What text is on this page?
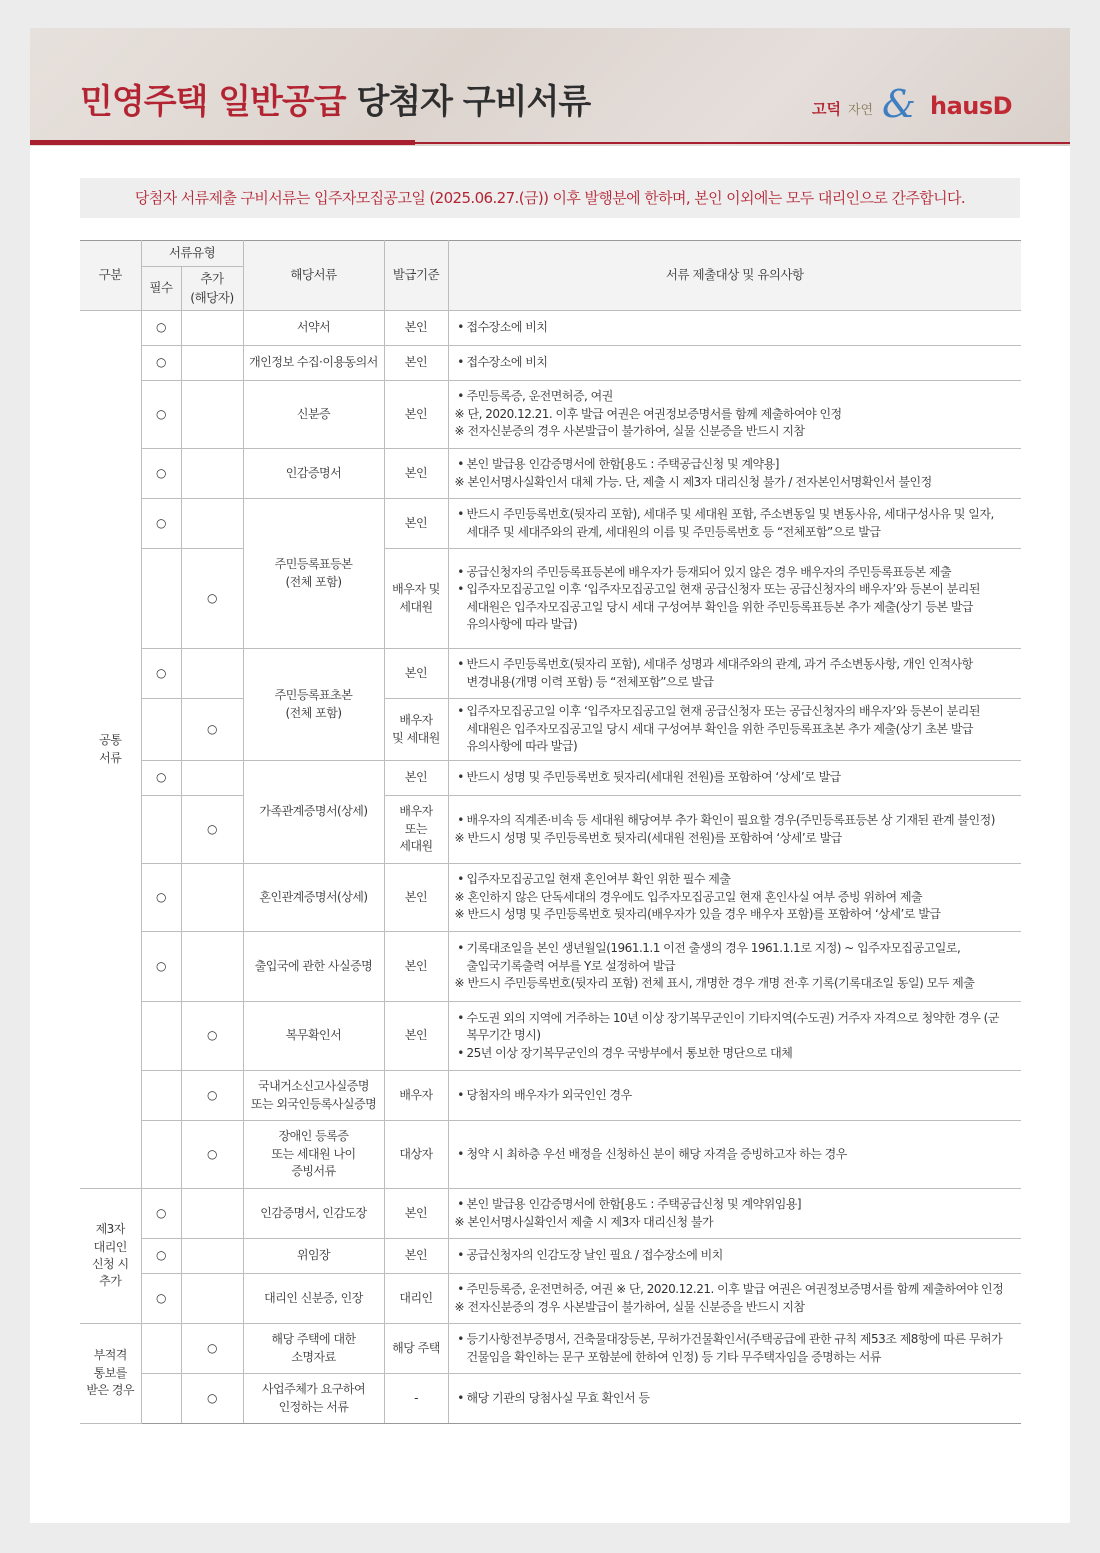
민영주택 일반공급 당첨자 구비서류	고덕 자연 & hausD
당첨자 서류제출 구비서류는 입주자모집공고일 (2025.06.27.(금)) 이후 발행분에 한하며, 본인 이외에는 모두 대리인으로 간주합니다.
구분	서류유형		해당서류	발급기준	서류 제출대상 및 유의사항
	필수	추가
(해당자)			

공통
서류	○		서약서	본인	• 접수장소에 비치

	○		개인정보 수집·이용동의서	본인	• 접수장소에 비치

	○		신분증	본인	• 주민등록증, 운전면허증, 여권
※ 단, 2020.12.21. 이후 발급 여권은 여권정보증명서를 함께 제출하여야 인정
※ 전자신분증의 경우 사본발급이 불가하여, 실물 신분증을 반드시 지참

	○		인감증명서	본인	• 본인 발급용 인감증명서에 한함[용도 : 주택공급신청 및 계약용]
※ 본인서명사실확인서 대체 가능. 단, 제출 시 제3자 대리신청 불가 / 전자본인서명확인서 불인정

	○		주민등록표등본
(전체 포함)	본인	• 반드시 주민등록번호(뒷자리 포함), 세대주 및 세대원 포함, 주소변동일 및 변동사유, 세대구성사유 및 일자, 세대주 및 세대주와의 관계, 세대원의 이름 및 주민등록번호 등 “전체포함”으로 발급

		○		배우자 및
세대원	• 공급신청자의 주민등록표등본에 배우자가 등재되어 있지 않은 경우 배우자의 주민등록표등본 제출
• 입주자모집공고일 이후 ‘입주자모집공고일 현재 공급신청자 또는 공급신청자의 배우자’와 등본이 분리된 세대원은 입주자모집공고일 당시 세대 구성여부 확인을 위한 주민등록표등본 추가 제출(상기 등본 발급 유의사항에 따라 발급)

	○		주민등록표초본
(전체 포함)	본인	• 반드시 주민등록번호(뒷자리 포함), 세대주 성명과 세대주와의 관계, 과거 주소변동사항, 개인 인적사항 변경내용(개명 이력 포함) 등 “전체포함”으로 발급

		○		배우자
및 세대원	• 입주자모집공고일 이후 ‘입주자모집공고일 현재 공급신청자 또는 공급신청자의 배우자’와 등본이 분리된 세대원은 입주자모집공고일 당시 세대 구성여부 확인을 위한 주민등록표초본 추가 제출(상기 초본 발급 유의사항에 따라 발급)

	○		가족관계증명서(상세)	본인	• 반드시 성명 및 주민등록번호 뒷자리(세대원 전원)를 포함하여 ‘상세’로 발급

		○		배우자
또는
세대원	• 배우자의 직계존·비속 등 세대원 해당여부 추가 확인이 필요할 경우(주민등록표등본 상 기재된 관계 불인정)
※ 반드시 성명 및 주민등록번호 뒷자리(세대원 전원)를 포함하여 ‘상세’로 발급

	○		혼인관계증명서(상세)	본인	• 입주자모집공고일 현재 혼인여부 확인 위한 필수 제출
※ 혼인하지 않은 단독세대의 경우에도 입주자모집공고일 현재 혼인사실 여부 증빙 위하여 제출
※ 반드시 성명 및 주민등록번호 뒷자리(배우자가 있을 경우 배우자 포함)를 포함하여 ‘상세’로 발급

	○		출입국에 관한 사실증명	본인	• 기록대조일을 본인 생년월일(1961.1.1 이전 출생의 경우 1961.1.1로 지정) ~ 입주자모집공고일로, 출입국기록출력 여부를 Y로 설정하여 발급
※ 반드시 주민등록번호(뒷자리 포함) 전체 표시, 개명한 경우 개명 전·후 기록(기록대조일 동일) 모두 제출

		○	복무확인서	본인	• 수도권 외의 지역에 거주하는 10년 이상 장기복무군인이 기타지역(수도권) 거주자 자격으로 청약한 경우 (군 복무기간 명시)
• 25년 이상 장기복무군인의 경우 국방부에서 통보한 명단으로 대체

		○	국내거소신고사실증명
또는 외국인등록사실증명	배우자	• 당첨자의 배우자가 외국인인 경우

		○	장애인 등록증
또는 세대원 나이
증빙서류	대상자	• 청약 시 최하층 우선 배정을 신청하신 분이 해당 자격을 증빙하고자 하는 경우

제3자
대리인
신청 시
추가	○		인감증명서, 인감도장	본인	• 본인 발급용 인감증명서에 한함[용도 : 주택공급신청 및 계약위임용]
※ 본인서명사실확인서 제출 시 제3자 대리신청 불가

	○		위임장	본인	• 공급신청자의 인감도장 날인 필요 / 접수장소에 비치

	○		대리인 신분증, 인장	대리인	• 주민등록증, 운전면허증, 여권 ※ 단, 2020.12.21. 이후 발급 여권은 여권정보증명서를 함께 제출하여야 인정
※ 전자신분증의 경우 사본발급이 불가하여, 실물 신분증을 반드시 지참

부적격
통보를
받은 경우		○	해당 주택에 대한
소명자료	해당 주택	• 등기사항전부증명서, 건축물대장등본, 무허가건물확인서(주택공급에 관한 규칙 제53조 제8항에 따른 무허가 건물임을 확인하는 문구 포함분에 한하여 인정) 등 기타 무주택자임을 증명하는 서류

		○	사업주체가 요구하여
인정하는 서류	-	• 해당 기관의 당첨사실 무효 확인서 등
